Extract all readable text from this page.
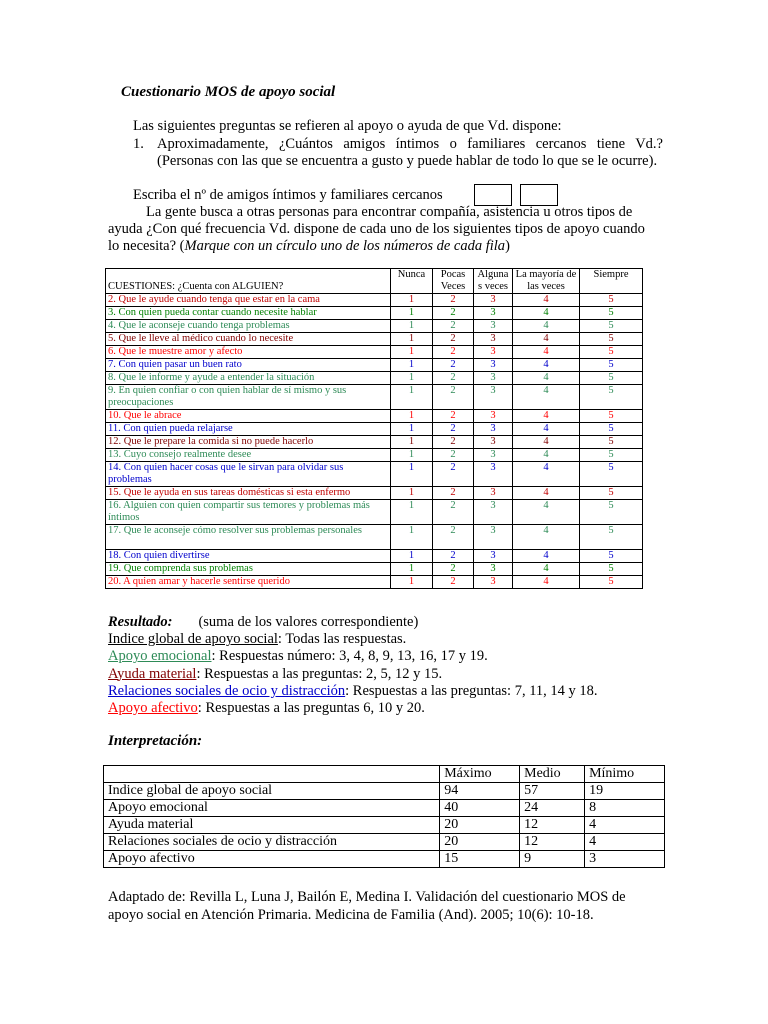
Cuestionario MOS de apoyo social
Las siguientes preguntas se refieren al apoyo o ayuda de que Vd. dispone:
1. Aproximadamente, ¿Cuántos amigos íntimos o familiares cercanos tiene Vd.? (Personas con las que se encuentra a gusto y puede hablar de todo lo que se le ocurre).
Escriba el nº de amigos íntimos y familiares cercanos
La gente busca a otras personas para encontrar compañía, asistencia u otros tipos de ayuda ¿Con qué frecuencia Vd. dispone de cada uno de los siguientes tipos de apoyo cuando lo necesita? (Marque con un círculo uno de los números de cada fila)
CUESTIONES: ¿Cuenta con ALGUIEN?	Nunca	Pocas Veces	Alguna s veces	La mayoría de las veces	Siempre
2. Que le ayude cuando tenga que estar en la cama	1	2	3	4	5
3. Con quien pueda contar cuando necesite hablar	1	2	3	4	5
4. Que le aconseje cuando tenga problemas	1	2	3	4	5
5. Que le lleve al médico cuando lo necesite	1	2	3	4	5
6. Que le muestre amor y afecto	1	2	3	4	5
7. Con quien pasar un buen rato	1	2	3	4	5
8. Que le informe y ayude a entender la situación	1	2	3	4	5
9. En quien confiar o con quien hablar de sí mismo y sus preocupaciones	1	2	3	4	5
10. Que le abrace	1	2	3	4	5
11. Con quien pueda relajarse	1	2	3	4	5
12. Que le prepare la comida si no puede hacerlo	1	2	3	4	5
13. Cuyo consejo realmente desee	1	2	3	4	5
14. Con quien hacer cosas que le sirvan para olvidar sus problemas	1	2	3	4	5
15. Que le ayuda en sus tareas domésticas si esta enfermo	1	2	3	4	5
16. Alguien con quien compartir sus temores y problemas más íntimos	1	2	3	4	5
17. Que le aconseje cómo resolver sus problemas personales	1	2	3	4	5
18. Con quien divertirse	1	2	3	4	5
19. Que comprenda sus problemas	1	2	3	4	5
20. A quien amar y hacerle sentirse querido	1	2	3	4	5
Resultado: (suma de los valores correspondiente)
Indice global de apoyo social: Todas las respuestas.
Apoyo emocional: Respuestas número: 3, 4, 8, 9, 13, 16, 17 y 19.
Ayuda material: Respuestas a las preguntas: 2, 5, 12 y 15.
Relaciones sociales de ocio y distracción: Respuestas a las preguntas: 7, 11, 14 y 18.
Apoyo afectivo: Respuestas a las preguntas 6, 10 y 20.
Interpretación:
	Máximo	Medio	Mínimo
Indice global de apoyo social	94	57	19
Apoyo emocional	40	24	8
Ayuda material	20	12	4
Relaciones sociales de ocio y distracción	20	12	4
Apoyo afectivo	15	9	3
Adaptado de: Revilla L, Luna J, Bailón E, Medina I. Validación del cuestionario MOS de apoyo social en Atención Primaria. Medicina de Familia (And). 2005; 10(6): 10-18.
